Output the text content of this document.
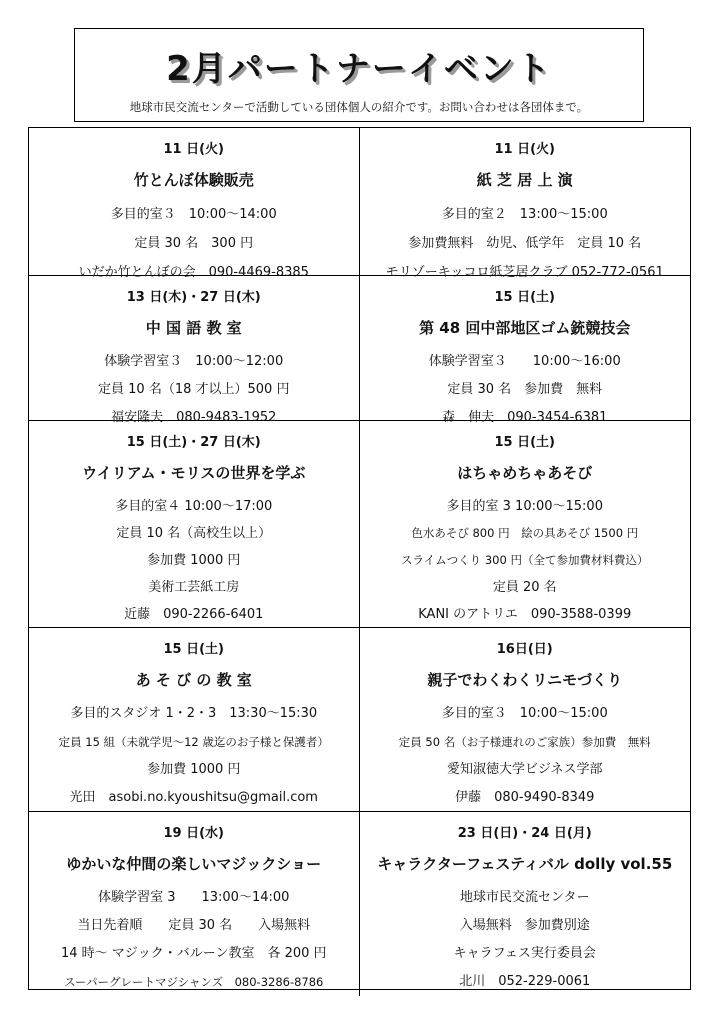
2月パートナーイベント
地球市民交流センターで活動している団体個人の紹介です。お問い合わせは各団体まで。
11 日(火)
竹とんぼ体験販売
多目的室３　10:00～14:00
定員 30 名　300 円
いだか竹とんぼの会　090-4469-8385
11 日(火)
紙 芝 居 上 演
多目的室２　13:00～15:00
参加費無料　幼児、低学年　定員 10 名
モリゾーキッコロ紙芝居クラブ 052-772-0561
13 日(木)・27 日(木)
中 国 語 教 室
体験学習室３　10:00～12:00
定員 10 名（18 才以上）500 円
福安隆夫　080-9483-1952
15 日(土)
第 48 回中部地区ゴム銃競技会
体験学習室３　　10:00～16:00
定員 30 名　参加費　無料
森　伸夫　090-3454-6381
15 日(土)・27 日(木)
ウイリアム・モリスの世界を学ぶ
多目的室４ 10:00～17:00
定員 10 名（高校生以上）
参加費 1000 円
美術工芸紙工房
近藤　090-2266-6401
15 日(土)
はちゃめちゃあそび
多目的室 3 10:00～15:00
色水あそび 800 円　絵の具あそび 1500 円
スライムつくり 300 円（全て参加費材料費込）
定員 20 名
KANI のアトリエ　090-3588-0399
15 日(土)
あ そ び の 教 室
多目的スタジオ 1・2・3　13:30～15:30
定員 15 組（未就学児～12 歳迄のお子様と保護者）
参加費 1000 円
光田　asobi.no.kyoushitsu@gmail.com
16日(日)
親子でわくわくリニモづくり
多目的室３　10:00～15:00
定員 50 名（お子様連れのご家族）参加費　無料
愛知淑徳大学ビジネス学部
伊藤　080-9490-8349
19 日(水)
ゆかいな仲間の楽しいマジックショー
体験学習室 3　　13:00～14:00
当日先着順　　定員 30 名　　入場無料
14 時～ マジック・バルーン教室　各 200 円
スーパーグレートマジシャンズ　080-3286-8786
23 日(日)・24 日(月)
キャラクターフェスティバル dolly vol.55
地球市民交流センター
入場無料　参加費別途
キャラフェス実行委員会
北川　052-229-0061
